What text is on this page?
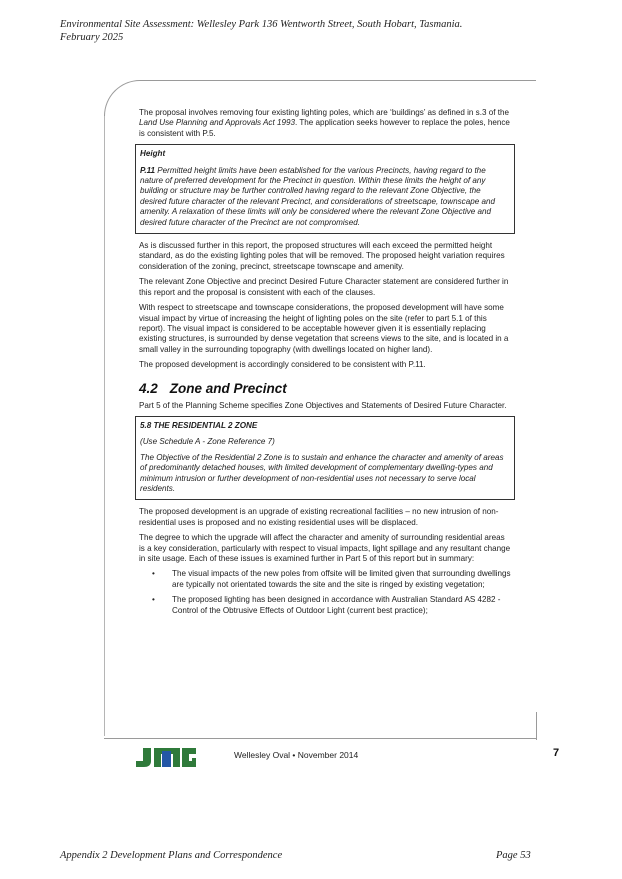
Environmental Site Assessment: Wellesley Park 136 Wentworth Street, South Hobart, Tasmania.
February 2025

The proposal involves removing four existing lighting poles, which are ‘buildings’ as defined in s.3 of the Land Use Planning and Approvals Act 1993. The application seeks however to replace the poles, hence is consistent with P.5.

Height

P.11 Permitted height limits have been established for the various Precincts, having regard to the nature of preferred development for the Precinct in question. Within these limits the height of any building or structure may be further controlled having regard to the relevant Zone Objective, the desired future character of the relevant Precinct, and considerations of streetscape, townscape and amenity. A relaxation of these limits will only be considered where the relevant Zone Objective and desired future character of the Precinct are not compromised.

As is discussed further in this report, the proposed structures will each exceed the permitted height standard, as do the existing lighting poles that will be removed. The proposed height variation requires consideration of the zoning, precinct, streetscape townscape and amenity.

The relevant Zone Objective and precinct Desired Future Character statement are considered further in this report and the proposal is consistent with each of the clauses.

With respect to streetscape and townscape considerations, the proposed development will have some visual impact by virtue of increasing the height of lighting poles on the site (refer to part 5.1 of this report). The visual impact is considered to be acceptable however given it is essentially replacing existing structures, is surrounded by dense vegetation that screens views to the site, and is located in a small valley in the surrounding topography (with dwellings located on higher land).

The proposed development is accordingly considered to be consistent with P.11.

4.2 Zone and Precinct

Part 5 of the Planning Scheme specifies Zone Objectives and Statements of Desired Future Character.

5.8 THE RESIDENTIAL 2 ZONE

(Use Schedule A - Zone Reference 7)

The Objective of the Residential 2 Zone is to sustain and enhance the character and amenity of areas of predominantly detached houses, with limited development of complementary dwelling-types and minimum intrusion or further development of non-residential uses not necessary to serve local residents.

The proposed development is an upgrade of existing recreational facilities – no new intrusion of non-residential uses is proposed and no existing residential uses will be displaced.

The degree to which the upgrade will affect the character and amenity of surrounding residential areas is a key consideration, particularly with respect to visual impacts, light spillage and any resultant change in site usage. Each of these issues is examined further in Part 5 of this report but in summary:

• The visual impacts of the new poles from offsite will be limited given that surrounding dwellings are typically not orientated towards the site and the site is ringed by existing vegetation;
• The proposed lighting has been designed in accordance with Australian Standard AS 4282 - Control of the Obtrusive Effects of Outdoor Light (current best practice);
Wellesley Oval • November 2014	7
Appendix 2 Development Plans and Correspondence	Page 53
